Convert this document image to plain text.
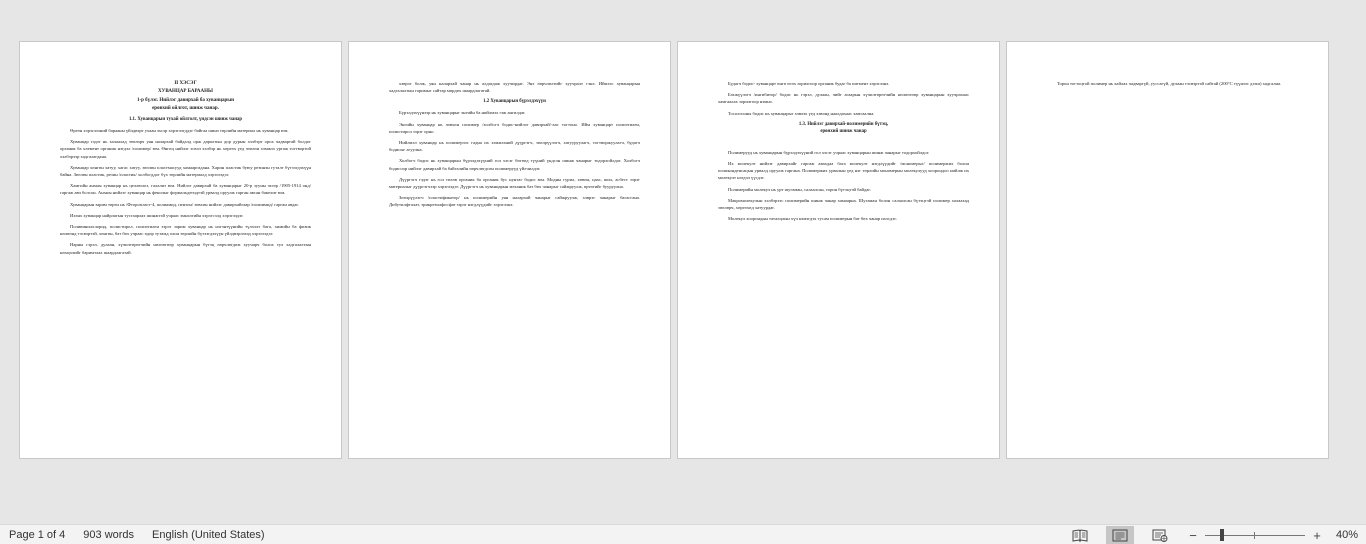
II ХЭСЭГ
ХУВАНЦАР БАРААНЫ
1-р бүлэг. Нийлэг давирхай ба хуванцарын
ерөнхий ойлгот, шинж чанар.
1.1. Хуванцарын тухай ойлголт, үндсэн шинж чанар

Өргөн хэрэглээний барааны үйлдвэрт ухаан эхсэр хэрэглэгддэг байгаа шинэ төрлийн материал нь хуванцар юм.

Хуванцар гэдэг нь халаахад зөөлөрч уян налархай байдалд орж даралтын дор дурын хэлбэрт орох чадвартай болдог органик ба хлемент органик нэгдэл /полимер/ юм. Өнгөц нийлэг эсвэл хэлбэр нь хөргөх үед зөөлөн хэмжээ ургаж тогтвортой хэлбэрээр хадгалагдана.

Хуванцар хөнгөн хатуу, хагас хатуу, зөөлөн пластмасууд хамааргадана. Харин пластик буюу резинэн гуталт бүтээгдэхүүн байна. Зөөлөн пластик, резин /пластик/ холбогддог бүх төрлийн материалд хэрэглэдэг.

Хамгийн анхны хуванцар нь целлюлоз, галалит юм. Нийлэг давирхай ба хуванцарыг 20-р зууны эхээр /1905-1914 онд/ гаргаж авч болсон. Анхны нийлэг хуванцар нь фенолыг формальдегидтэй урвалд оруулж гарган авсан бакелит юм.

Хуванцарын зарим төрөл нь /Фторопласт-4, полиамид, пентон/ зөвхөн нийлэг давирхайгаар /полиимид/ гарган авдаг.

Ихэнх хуванцар найрлагын тусгаарлах шинжтэй учраас эмнэлгийн хэрэгсэлд хэрэглэдэг.

Поливинилхлорид, полистирол, полиэтилен зэрэг зарим хуванцар нь нэгэнтүүнийн түлхэлт бага, химийн ба физик нөлөөнд тэсвэртэй, хөнгөн, бат бөх учраас өдөр тутамд олон төрлийн бүтээгдэхүүн үйлдвэрлэхэд хэрэглэдэг.

Нарны гэрэл, дулаан, хүчилтөрөгчийн нөлөөгөөр хуванцарын бүтэц өөрчлөгдөж хуучирч болох тул хадгалалтын нөхцөлийг баримтлах шаардлагатай.

хэврэг болж, уян налархай чанар нь алдагдаж хуучирдаг. Энэ өөрчлөлтийг хуучралт гэнэ. Иймээс хуванцарын хадгалалтын горимыг сайтар мөрдөх шаардлагатай.

1.2 Хуванцарын бүрэлдэхүүн

Бүрэлдэхүүнээр нь хуванцарыг энгийн ба нийлмэл гэж ангилдаг.

Энгийн хуванцар нь зөвхөн полимер /холбогч бодис-нийлэг давирхай/-аас тогтоно. Ийм хуванцарт полиэтилен, полистирол зэрэг орно.

Нийлмэл хуванцар нь полимерээс гадна их хэмжээний дүүргэгч, зөөлрүүлэгч, хатууруулагч, тогтворжуулагч, будагч бодисыг агуулна.

Холбогч бодис нь хуванцарын бүрэлдэхүүний гол хэсэг бөгөөд түүний үндсэн шинж чанарыг тодорхойлдог. Холбогч бодисоор нийлэг давирхай ба байгалийн өөрчлөгдсөн полимерууд үйлчилдэг.

Дүүргэгч гэдэг нь гол төлөв органик ба органик бус нунтаг бодис юм. Модны гурил, хөвөн, цаас, шил, асбест зэрэг материалыг дүүргэгчээр хэрэглэдэг. Дүүргэгч нь хуванцарын механик бат бөх чанарыг сайжруулж, өртөгийг бууруулна.

Зөөлрүүлэгч /пластификатор/ нь полимерийн уян налархай чанарыг сайжруулж, хэврэг чанарыг багасгана. Дибутилфталат, трикрезилфосфат зэрэг нэгдлүүдийг хэрэглэнэ.

Будагч бодис- хуванцарт өнгө өгөх зорилгоор органик будаг ба пигмент хэрэглэнэ.

Бэхжүүлэгч /ингибитор/ бодис нь гэрэл, дулаан, чийг агаарын хүчилтөрөгчийн нөлөөгөөр хуванцарын хуучрахаас хамгаалах зорилгоор нэмнэ.

Тосолгооны бодис нь хуванцарыг хэвлэх үед хэвэнд наалдахаас хамгаална.

1.3. Нийлэг давирхай-полимерийн бүтэц,
ерөнхий шинж чанар

Полимерууд нь хуванцарын бүрэлдэхүүний гол хэсэг учраас хуванцарын шинж чанарыг тодорхойлдог.

Их молекулт нийлэг давирхайг гаргаж авахдаа бага молекулт нэгдлүүдийг /мономерыг/ полимержих болон поликонденсацын урвалд оруулж гаргана. Полимержих урвалын үед нэг төрлийн мономерын молекулууд хоорондоо нийлж их молекулт нэгдэл үүсдэг.

Полимерийн молекул нь урт шугаман, салаалсан, торон бүтэцтэй байдаг.

Макромолекулын хэлбэрээс полимерийн шинж чанар хамаарна. Шугаман болон салаалсан бүтэцтэй полимер халаахад зөөлөрч, хөргөхөд хатуурдаг.

Молекул хоорондын таталцлын хүч нэмэгдэх тусам полимерын бат бөх чанар ихэсдэг.

Торон тогтоцтой полимер нь хайлах чадваргүй, ууссагүй, дулаан тэсвэртэй сайтай (200°С түүнээс дээш) хадгална.

Page 1 of 4	903 words	English (United States)	−	+	40%
